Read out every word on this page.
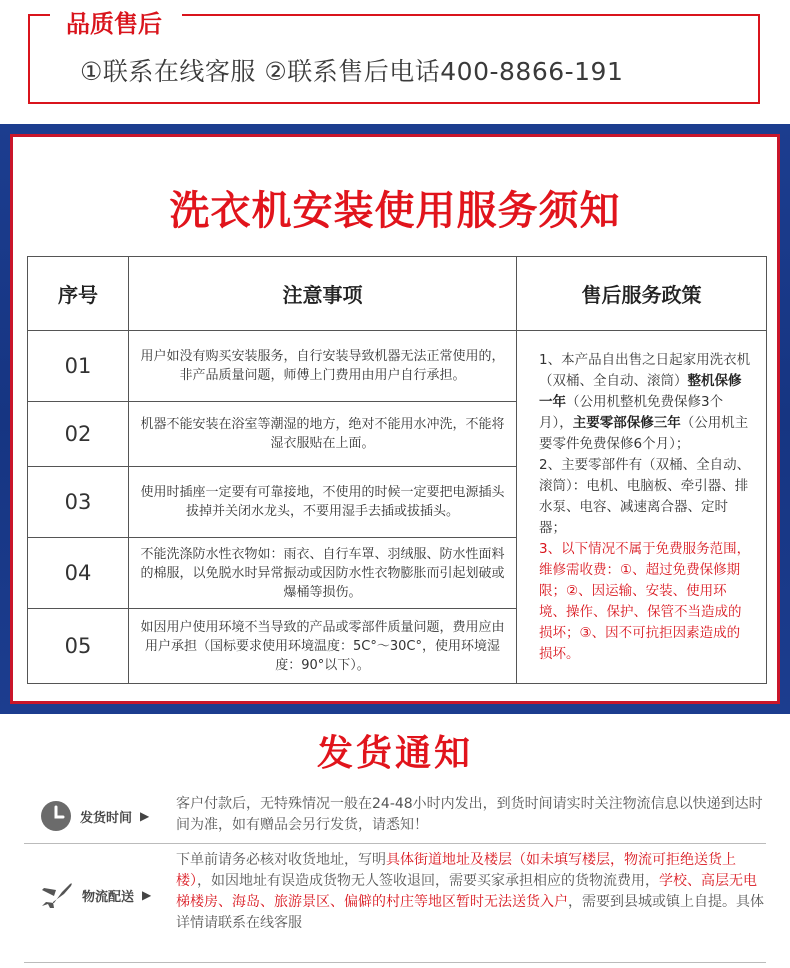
品质售后
①联系在线客服 ②联系售后电话400-8866-191
洗衣机安装使用服务须知
序号	注意事项	售后服务政策
01	用户如没有购买安装服务，自行安装导致机器无法正常使用的，非产品质量问题，师傅上门费用由用户自行承担。	1、本产品自出售之日起家用洗衣机（双桶、全自动、滚筒）整机保修一年（公用机整机免费保修3个月），主要零部保修三年（公用机主要零件免费保修6个月）；
2、主要零部件有（双桶、全自动、滚筒）：电机、电脑板、牵引器、排水泵、电容、减速离合器、定时器；
3、以下情况不属于免费服务范围，维修需收费：①、超过免费保修期限；②、因运输、安装、使用环境、操作、保护、保管不当造成的损坏；③、因不可抗拒因素造成的损坏。
02	机器不能安装在浴室等潮湿的地方，绝对不能用水冲洗，不能将湿衣服贴在上面。	
03	使用时插座一定要有可靠接地，不使用的时候一定要把电源插头拔掉并关闭水龙头，不要用湿手去插或拔插头。	
04	不能洗涤防水性衣物如：雨衣、自行车罩、羽绒服、防水性面料的棉服，以免脱水时异常振动或因防水性衣物膨胀而引起划破或爆桶等损伤。	
05	如因用户使用环境不当导致的产品或零部件质量问题，费用应由用户承担（国标要求使用环境温度：5C°～30C°，使用环境湿度：90°以下）。	
发货通知
发货时间 ▶
客户付款后，无特殊情况一般在24-48小时内发出，到货时间请实时关注物流信息以快递到达时间为准，如有赠品会另行发货，请悉知！
物流配送 ▶
下单前请务必核对收货地址，写明具体街道地址及楼层（如未填写楼层，物流可拒绝送货上楼），如因地址有误造成货物无人签收退回，需要买家承担相应的货物流费用，学校、高层无电梯楼房、海岛、旅游景区、偏僻的村庄等地区暂时无法送货入户，需要到县城或镇上自提。具体详情请联系在线客服
